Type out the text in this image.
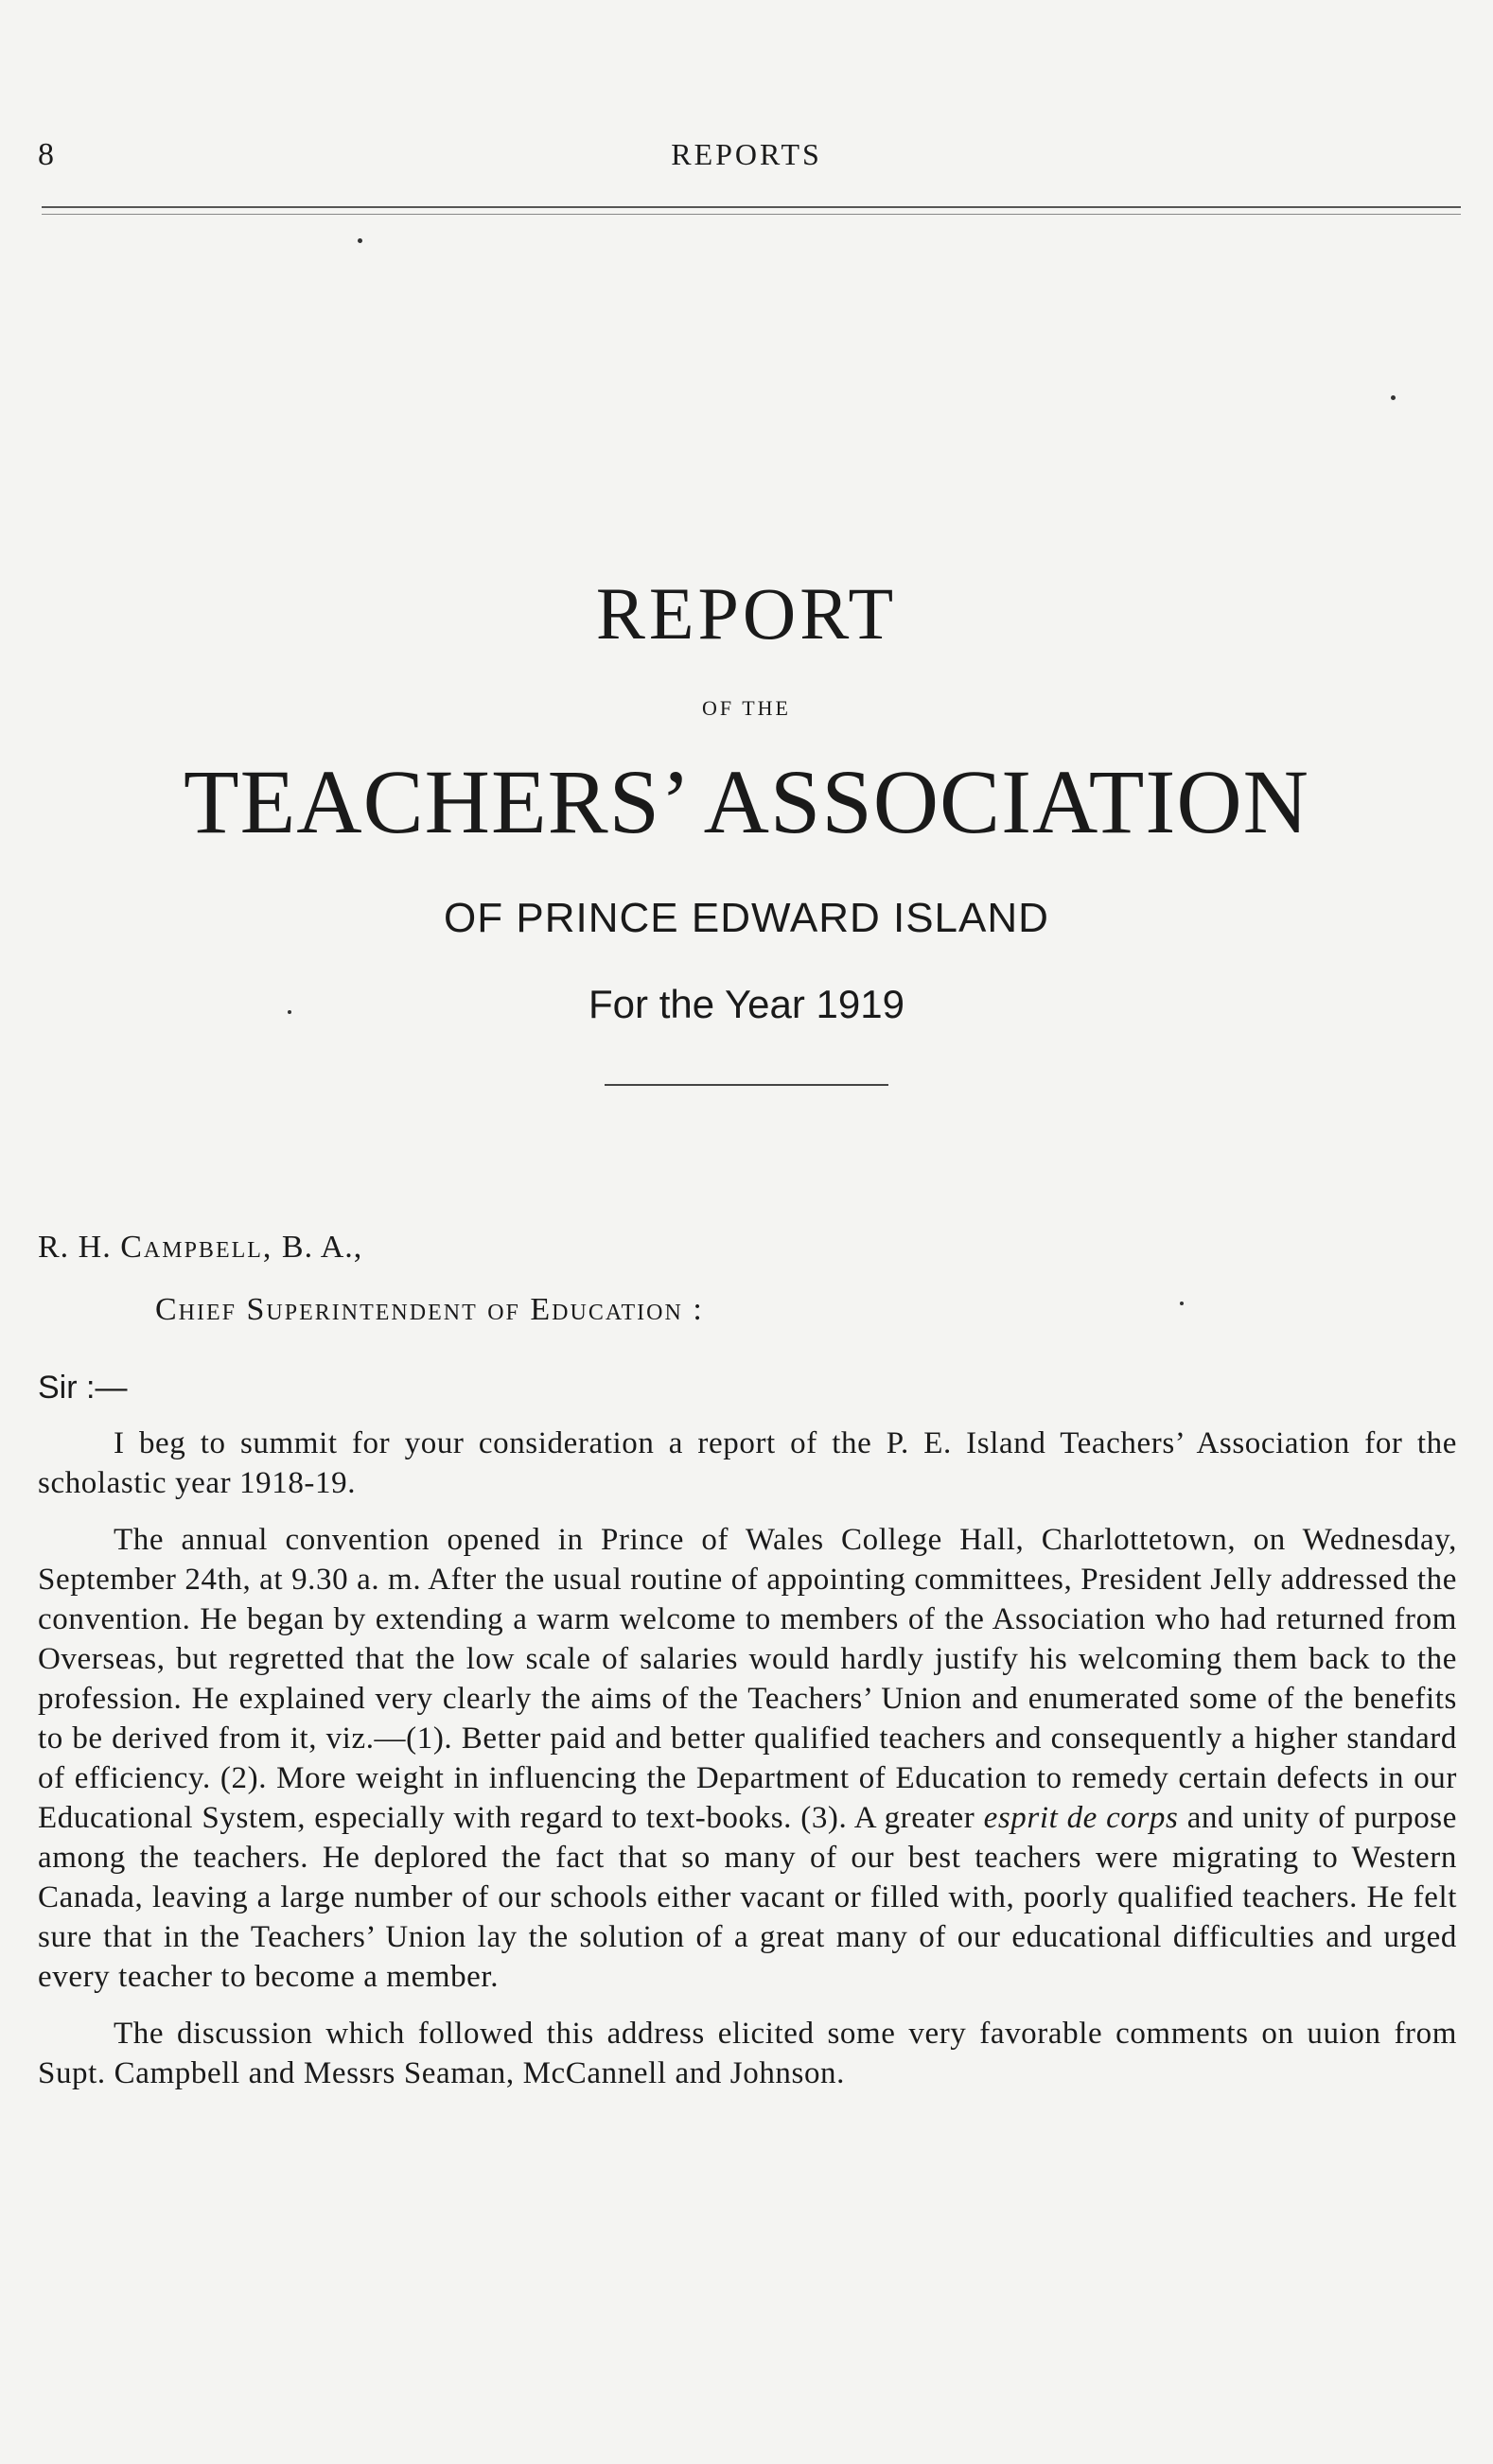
8	REPORTS
REPORT
OF THE
TEACHERS’ ASSOCIATION
OF PRINCE EDWARD ISLAND
For the Year 1919
R. H. Campbell, B. A.,
Chief Superintendent of Education :
Sir :—

I beg to summit for your consideration a report of the P. E. Island Teachers’ Association for the scholastic year 1918-19.

The annual convention opened in Prince of Wales College Hall, Charlottetown, on Wednesday, September 24th, at 9.30 a. m. After the usual routine of appointing committees, President Jelly addressed the convention. He began by extending a warm welcome to members of the Association who had returned from Overseas, but regretted that the low scale of salaries would hardly justify his welcoming them back to the profession. He explained very clearly the aims of the Teachers’ Union and enumerated some of the benefits to be derived from it, viz.—(1). Better paid and better qualified teachers and consequently a higher standard of efficiency. (2). More weight in influencing the Department of Education to remedy certain defects in our Educational System, especially with regard to text-books. (3). A greater esprit de corps and unity of purpose among the teachers. He deplored the fact that so many of our best teachers were migrating to Western Canada, leaving a large number of our schools either vacant or filled with, poorly qualified teachers. He felt sure that in the Teachers’ Union lay the solution of a great many of our educational difficulties and urged every teacher to become a member.

The discussion which followed this address elicited some very favorable comments on uuion from Supt. Campbell and Messrs Seaman, McCannell and Johnson.
